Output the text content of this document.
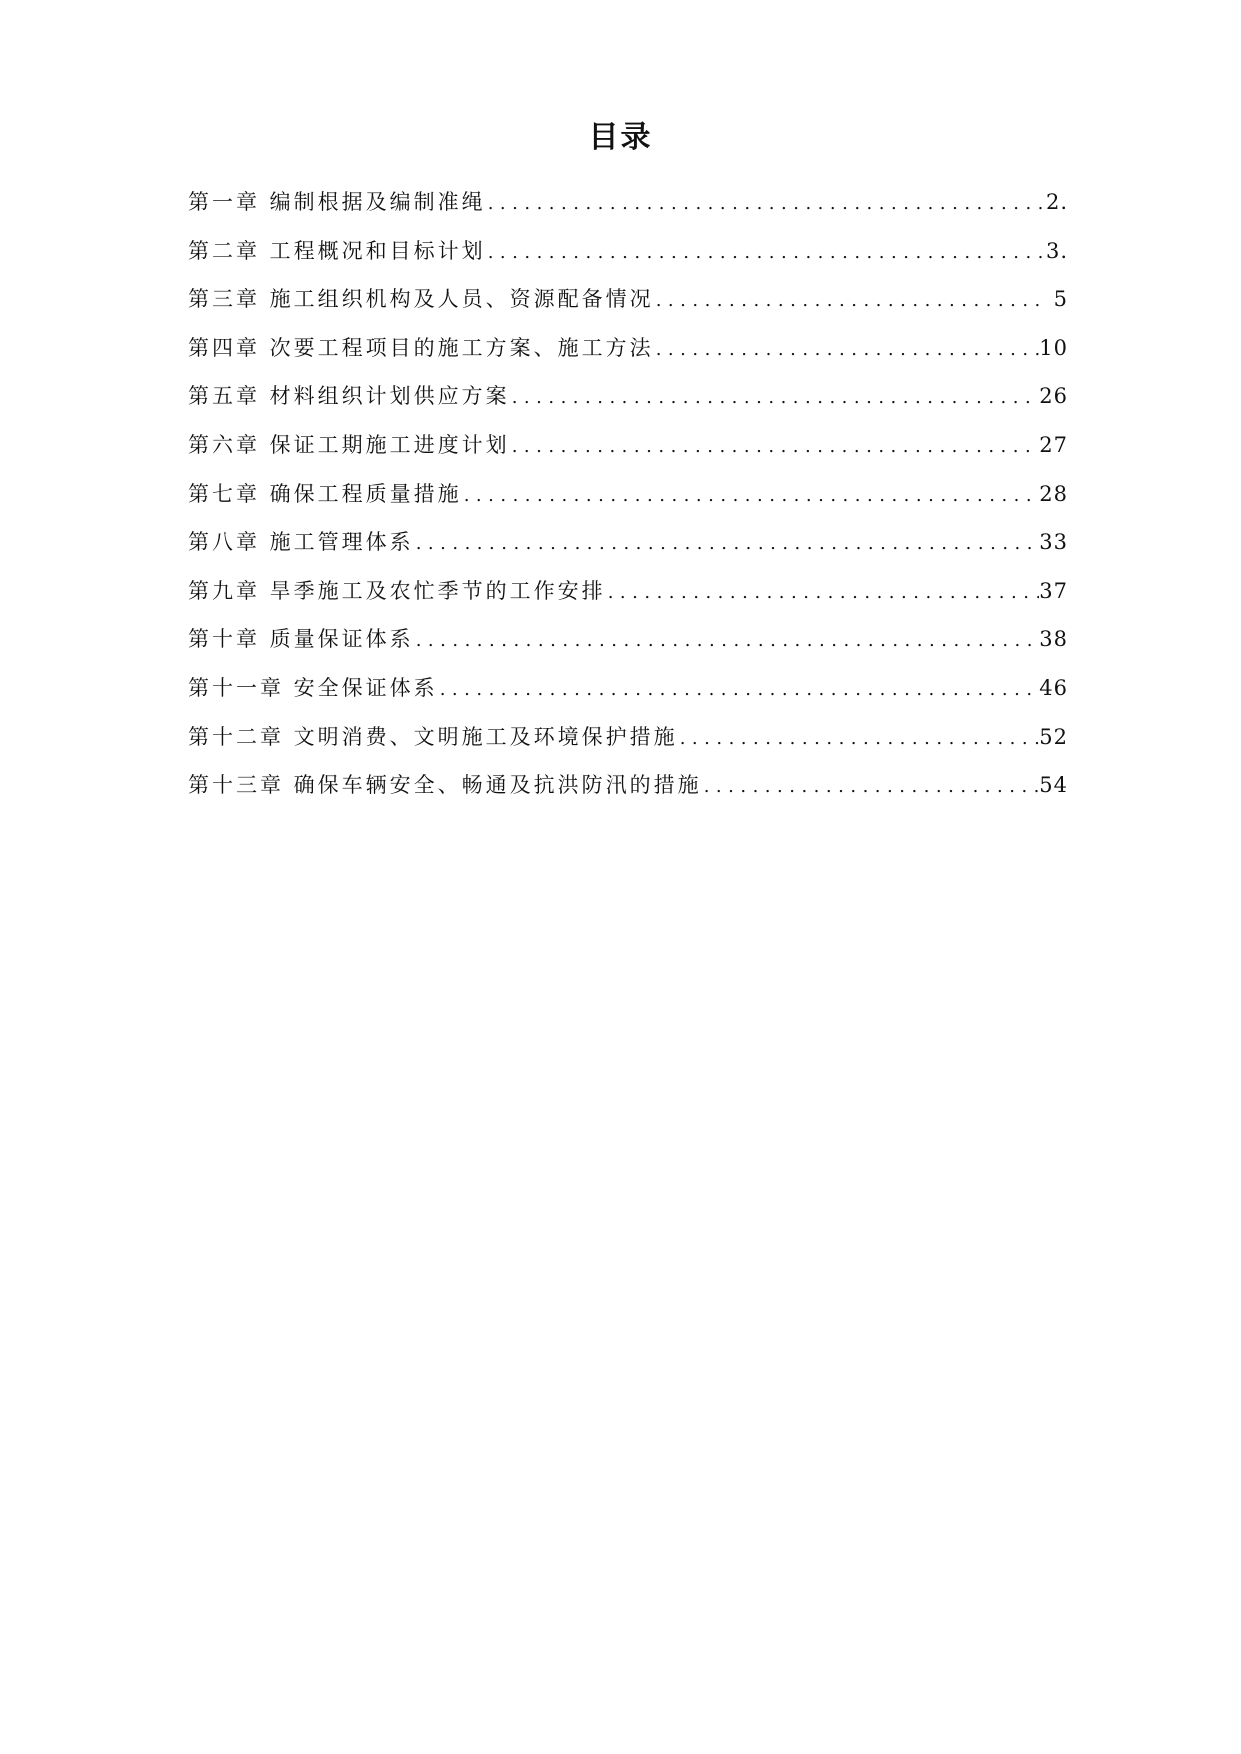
目录
第一章 编制根据及编制准绳 .....	2.
第二章 工程概况和目标计划 .....	3.
第三章 施工组织机构及人员、资源配备情况 .....	5
第四章 次要工程项目的施工方案、施工方法 .....	10
第五章 材料组织计划供应方案 .....	26
第六章 保证工期施工进度计划 .....	27
第七章 确保工程质量措施 .....	28
第八章 施工管理体系 .....	33
第九章 旱季施工及农忙季节的工作安排 .....	37
第十章 质量保证体系 .....	38
第十一章 安全保证体系 .....	46
第十二章 文明消费、文明施工及环境保护措施 .....	52
第十三章 确保车辆安全、畅通及抗洪防汛的措施 .....	54
